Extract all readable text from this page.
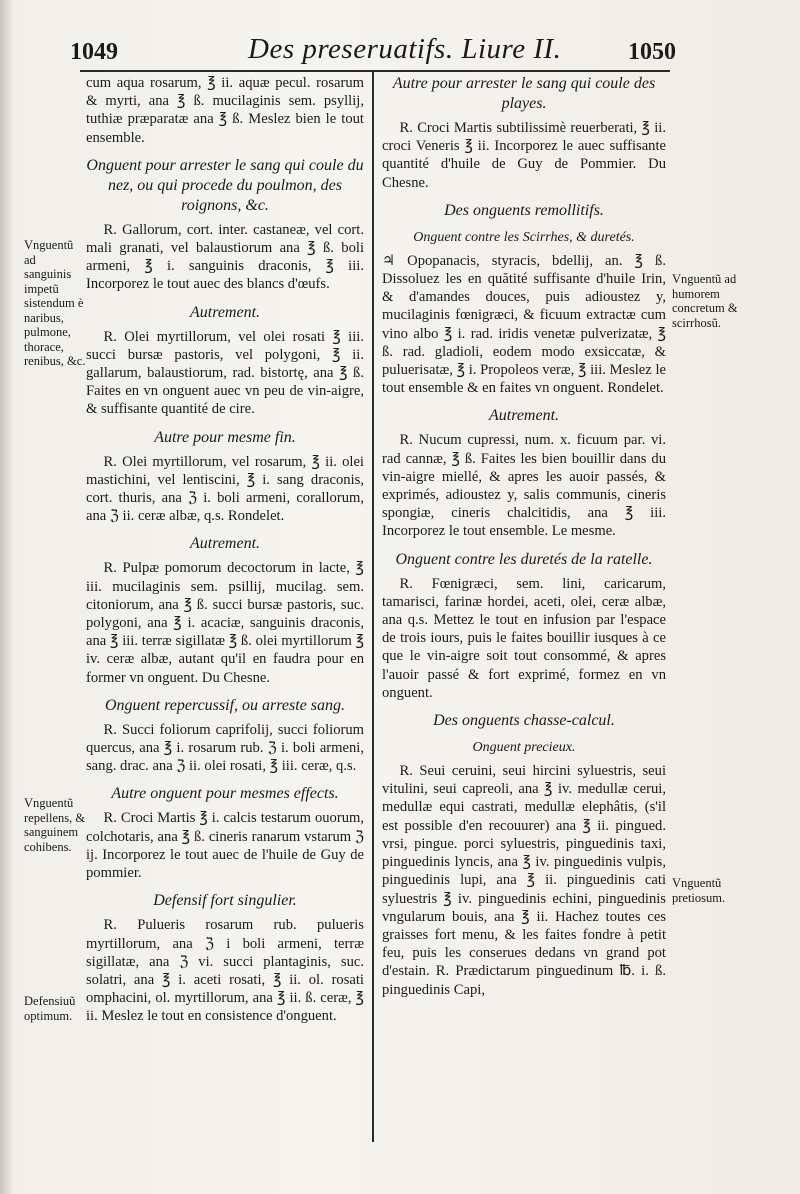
1049	Des preseruatifs. Liure II.	1050
Vnguentũ ad sanguinis impetũ sistendum è naribus, pulmone, thorace, renibus, &c.
Vnguentũ repellens, & sanguinem cohibens.
Defensiuũ optimum.
Vnguentũ ad humorem concretum & scirrhosũ.
Vnguentũ pretiosum.

cum aqua rosarum, ℥ ii. aquæ pecul. rosarum & myrti, ana ℥ ß. mucilaginis sem. psyllij, tuthiæ præparatæ ana ℥ ß. Meslez bien le tout ensemble.

Onguent pour arrester le sang qui coule du nez, ou qui procede du poulmon, des roignons, &c.

R. Gallorum, cort. inter. castaneæ, vel cort. mali granati, vel balaustiorum ana ℥ ß. boli armeni, ℥ i. sanguinis draconis, ℥ iii. Incorporez le tout auec des blancs d'œufs.

Autrement.

R. Olei myrtillorum, vel olei rosati ℥ iii. succi bursæ pastoris, vel polygoni, ℥ ii. gallarum, balaustiorum, rad. bistortę, ana ℥ ß. Faites en vn onguent auec vn peu de vin-aigre, & suffisante quantité de cire.

Autre pour mesme fin.

R. Olei myrtillorum, vel rosarum, ℥ ii. olei mastichini, vel lentiscini, ℥ i. sang draconis, cort. thuris, ana ℨ i. boli armeni, corallorum, ana ℨ ii. ceræ albæ, q.s. Rondelet.

Autrement.

R. Pulpæ pomorum decoctorum in lacte, ℥ iii. mucilaginis sem. psillij, mucilag. sem. citoniorum, ana ℥ ß. succi bursæ pastoris, suc. polygoni, ana ℥ i. acaciæ, sanguinis draconis, ana ℥ iii. terræ sigillatæ ℥ ß. olei myrtillorum ℥ iv. ceræ albæ, autant qu'il en faudra pour en former vn onguent. Du Chesne.

Onguent repercussif, ou arreste sang.

R. Succi foliorum caprifolij, succi foliorum quercus, ana ℥ i. rosarum rub. ℨ i. boli armeni, sang. drac. ana ℨ ii. olei rosati, ℥ iii. ceræ, q.s.

Autre onguent pour mesmes effects.

R. Croci Martis ℥ i. calcis testarum ouorum, colchotaris, ana ℥ ß. cineris ranarum vstarum ℨ ij. Incorporez le tout auec de l'huile de Guy de pommier.

Defensif fort singulier.

R. Pulueris rosarum rub. pulueris myrtillorum, ana ℨ i boli armeni, terræ sigillatæ, ana ℨ vi. succi plantaginis, suc. solatri, ana ℥ i. aceti rosati, ℥ ii. ol. rosati omphacini, ol. myrtillorum, ana ℥ ii. ß. ceræ, ℥ ii. Meslez le tout en consistence d'onguent.

Autre pour arrester le sang qui coule des playes.

R. Croci Martis subtilissimè reuerberati, ℥ ii. croci Veneris ℥ ii. Incorporez le auec suffisante quantité d'huile de Guy de Pommier. Du Chesne.

Des onguents remollitifs.
Onguent contre les Scirrhes, & duretés.

♃ Opopanacis, styracis, bdellij, an. ℥ ß. Dissoluez les en quătité suffisante d'huile Irin, & d'amandes douces, puis adioustez y, mucilaginis fœnigræci, & ficuum extractæ cum vino albo ℥ i. rad. iridis venetæ pulverizatæ, ℥ ß. rad. gladioli, eodem modo exsiccatæ, & puluerisatæ, ℥ i. Propoleos veræ, ℥ iii. Meslez le tout ensemble & en faites vn onguent. Rondelet.

Autrement.

R. Nucum cupressi, num. x. ficuum par. vi. rad cannæ, ℥ ß. Faites les bien bouillir dans du vin-aigre miellé, & apres les auoir passés, & exprimés, adioustez y, salis communis, cineris spongiæ, cineris chalcitidis, ana ℥ iii. Incorporez le tout ensemble. Le mesme.

Onguent contre les duretés de la ratelle.

R. Fœnigræci, sem. lini, caricarum, tamarisci, farinæ hordei, aceti, olei, ceræ albæ, ana q.s. Mettez le tout en infusion par l'espace de trois iours, puis le faites bouillir iusques à ce que le vin-aigre soit tout consommé, & apres l'auoir passé & fort exprimé, formez en vn onguent.

Des onguents chasse-calcul.
Onguent precieux.

R. Seui ceruini, seui hircini syluestris, seui vitulini, seui capreoli, ana ℥ iv. medullæ cerui, medullæ equi castrati, medullæ elephâtis, (s'il est possible d'en recouurer) ana ℥ ii. pingued. vrsi, pingue. porci syluestris, pinguedinis taxi, pinguedinis lyncis, ana ℥ iv. pinguedinis vulpis, pinguedinis lupi, ana ℥ ii. pinguedinis cati syluestris ℥ iv. pinguedinis echini, pinguedinis vngularum bouis, ana ℥ ii. Hachez toutes ces graisses fort menu, & les faites fondre à petit feu, puis les conserues dedans vn grand pot d'estain. R. Prædictarum pinguedinum ℔. i. ß. pinguedinis Capi,
